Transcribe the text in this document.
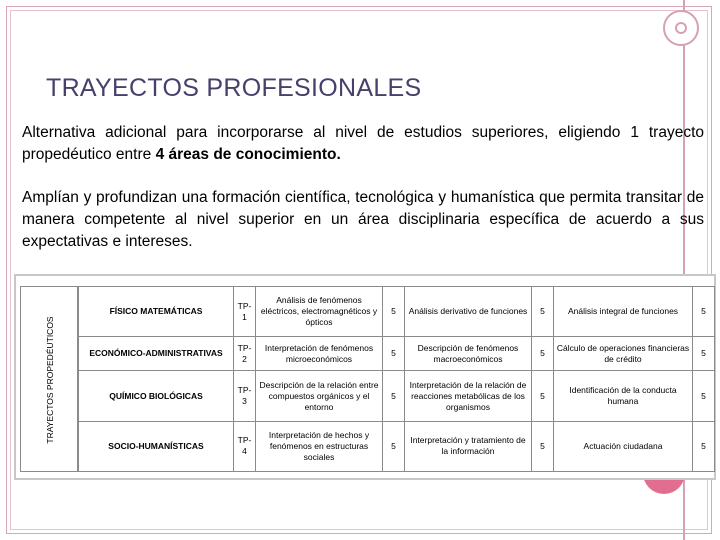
TRAYECTOS PROFESIONALES

Alternativa adicional para incorporarse al nivel de estudios superiores, eligiendo 1 trayecto propedéutico entre 4 áreas de conocimiento.

Amplían y profundizan una formación científica, tecnológica y humanística que permita transitar de manera competente al nivel superior en un área disciplinaria específica de acuerdo a sus expectativas e intereses.

TRAYECTOS PROPEDÉUTICOS
FÍSICO MATEMÁTICAS	TP-1	Análisis de fenómenos eléctricos, electromagnéticos y ópticos	5	Análisis derivativo de funciones	5	Análisis integral de funciones	5
ECONÓMICO-ADMINISTRATIVAS	TP-2	Interpretación de fenómenos microeconómicos	5	Descripción de fenómenos macroeconómicos	5	Cálculo de operaciones financieras de crédito	5
QUÍMICO BIOLÓGICAS	TP-3	Descripción de la relación entre compuestos orgánicos y el entorno	5	Interpretación de la relación de reacciones metabólicas de los organismos	5	Identificación de la conducta humana	5
SOCIO-HUMANÍSTICAS	TP-4	Interpretación de hechos y fenómenos en estructuras sociales	5	Interpretación y tratamiento de la información	5	Actuación ciudadana	5
